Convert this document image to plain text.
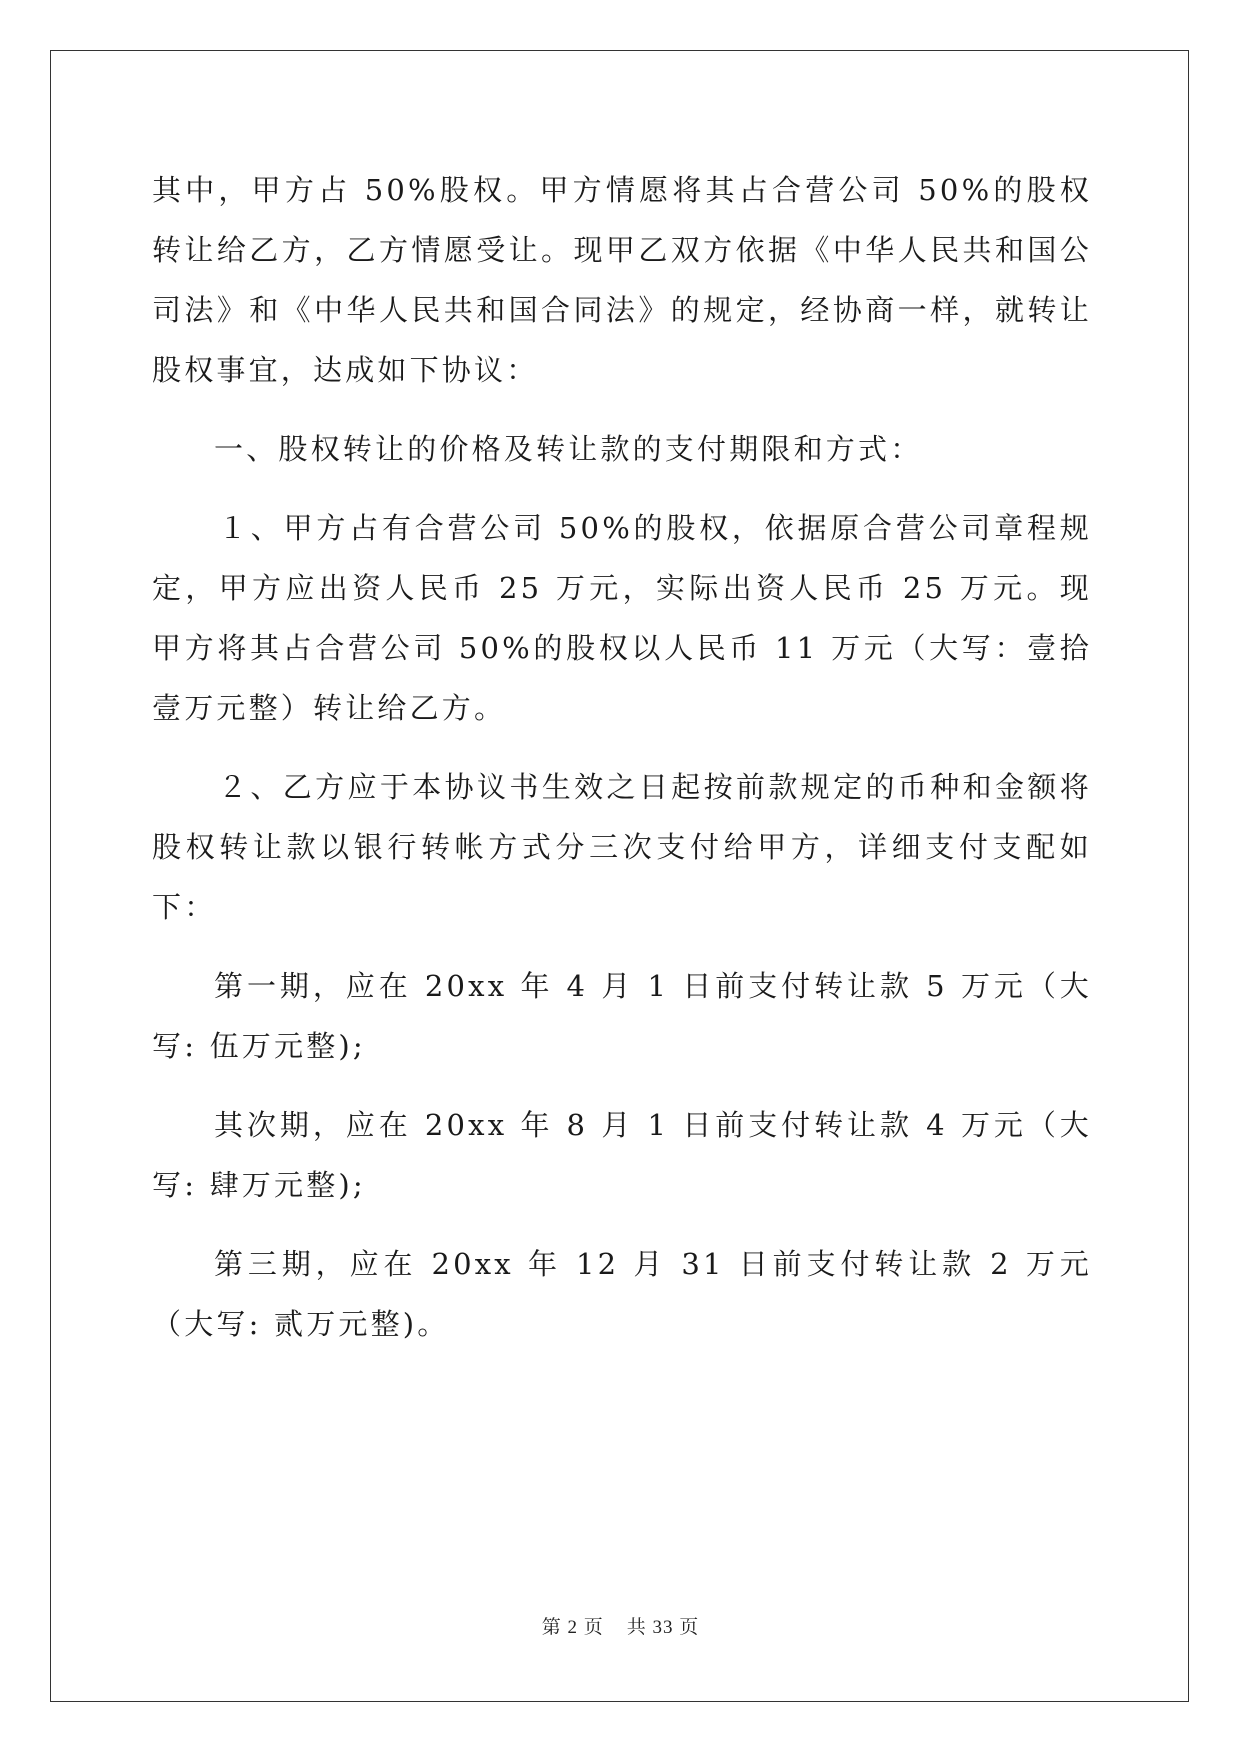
其中，甲方占 50%股权。甲方情愿将其占合营公司 50%的股权转让给乙方，乙方情愿受让。现甲乙双方依据《中华人民共和国公司法》和《中华人民共和国合同法》的规定，经协商一样，就转让股权事宜，达成如下协议：

一、股权转让的价格及转让款的支付期限和方式：

１、甲方占有合营公司 50%的股权，依据原合营公司章程规定，甲方应出资人民币 25 万元，实际出资人民币 25 万元。现甲方将其占合营公司 50%的股权以人民币 11 万元（大写：壹拾壹万元整）转让给乙方。

２、乙方应于本协议书生效之日起按前款规定的币种和金额将股权转让款以银行转帐方式分三次支付给甲方，详细支付支配如下：

第一期，应在 20xx 年 4 月 1 日前支付转让款 5 万元（大写: 伍万元整);

其次期，应在 20xx 年 8 月 1 日前支付转让款 4 万元（大写: 肆万元整);

第三期，应在 20xx 年 12 月 31 日前支付转让款 2 万元（大写: 贰万元整)。

第 2 页 共 33 页
